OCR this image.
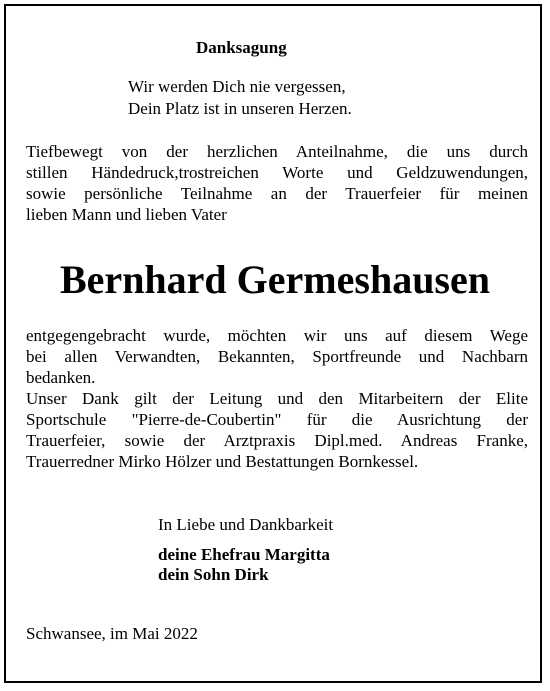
Danksagung
Wir werden Dich nie vergessen,
Dein Platz ist in unseren Herzen.
Tiefbewegt von der herzlichen Anteilnahme, die uns durch
stillen Händedruck,trostreichen Worte und Geldzuwendungen,
sowie persönliche Teilnahme an der Trauerfeier für meinen
lieben Mann und lieben Vater
Bernhard Germeshausen
entgegengebracht wurde, möchten wir uns auf diesem Wege
bei allen Verwandten, Bekannten, Sportfreunde und Nachbarn
bedanken.
Unser Dank gilt der Leitung und den Mitarbeitern der Elite
Sportschule "Pierre-de-Coubertin" für die Ausrichtung der
Trauerfeier, sowie der Arztpraxis Dipl.med. Andreas Franke,
Trauerredner Mirko Hölzer und Bestattungen Bornkessel.
In Liebe und Dankbarkeit
deine Ehefrau Margitta
dein Sohn Dirk
Schwansee, im Mai 2022
